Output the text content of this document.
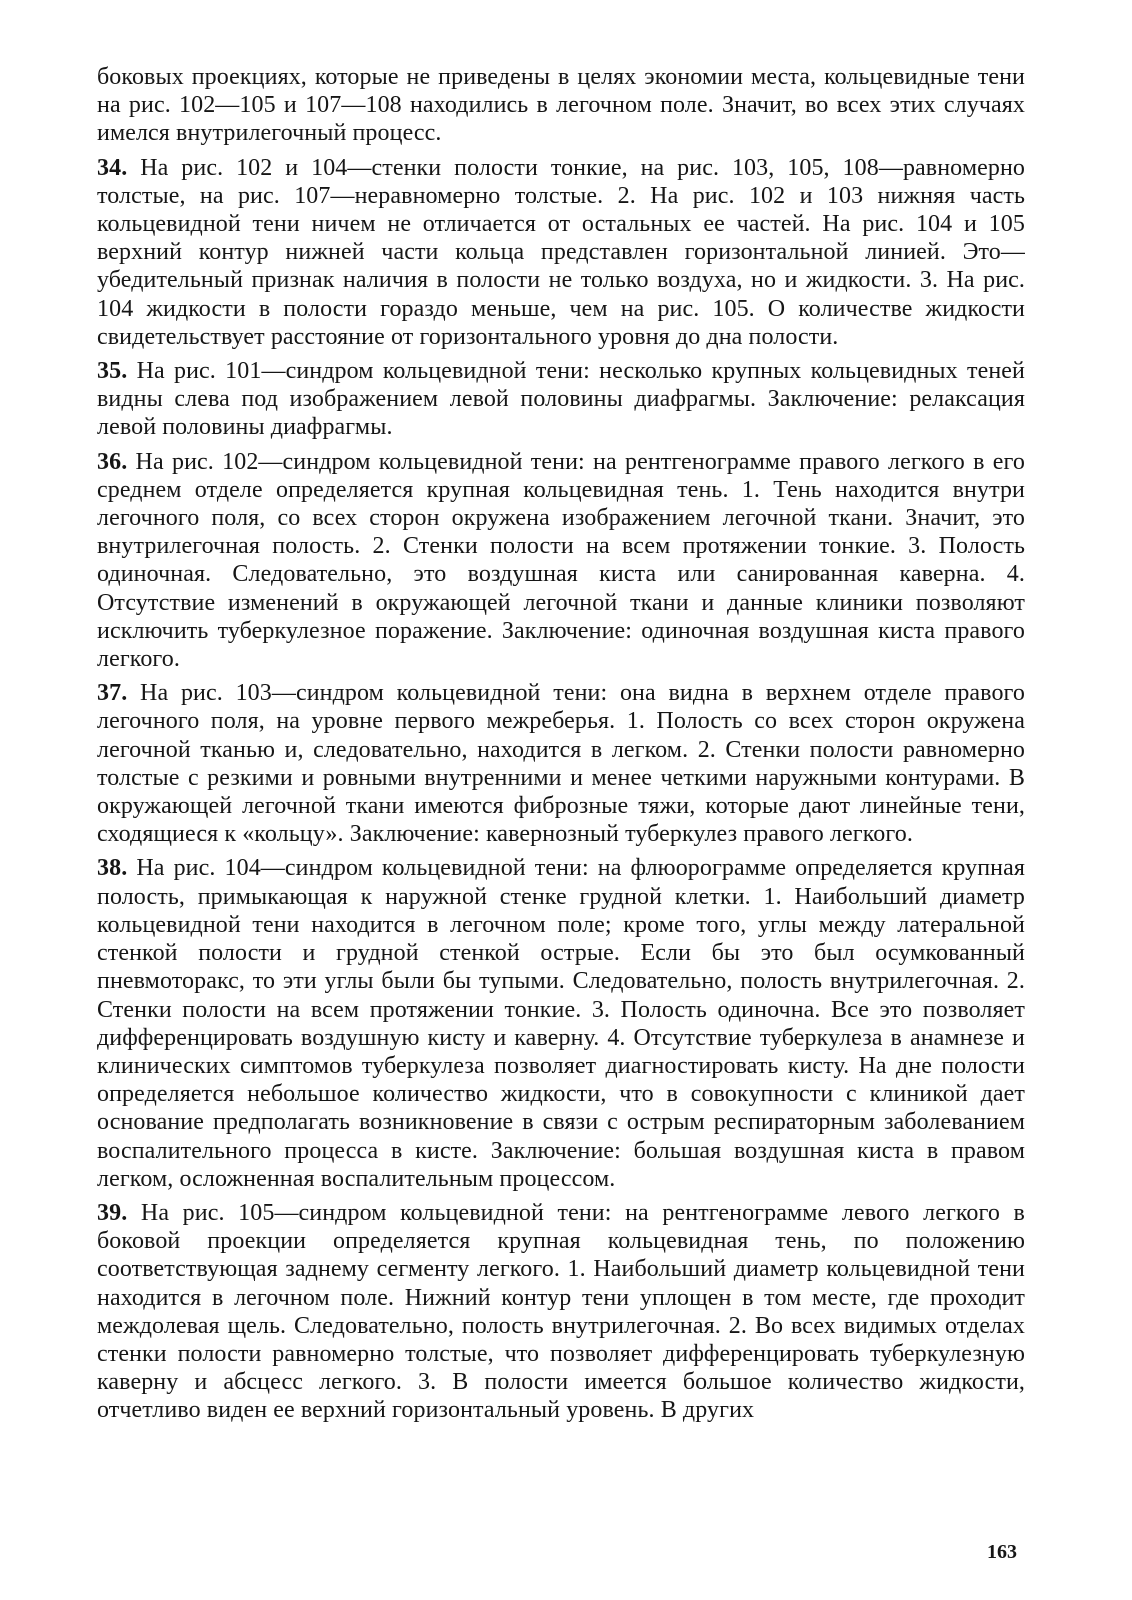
боковых проекциях, которые не приведены в целях экономии места, кольцевидные тени на рис. 102—105 и 107—108 находились в легочном поле. Значит, во всех этих случаях имелся внутрилегочный процесс.

34. На рис. 102 и 104—стенки полости тонкие, на рис. 103, 105, 108—равномерно толстые, на рис. 107—неравномерно толстые. 2. На рис. 102 и 103 нижняя часть кольцевидной тени ничем не отличается от остальных ее частей. На рис. 104 и 105 верхний контур нижней части кольца представлен горизонтальной линией. Это—убедительный признак наличия в полости не только воздуха, но и жидкости. 3. На рис. 104 жидкости в полости гораздо меньше, чем на рис. 105. О количестве жидкости свидетельствует расстояние от горизонтального уровня до дна полости.

35. На рис. 101—синдром кольцевидной тени: несколько крупных кольцевидных теней видны слева под изображением левой половины диафрагмы. Заключение: релаксация левой половины диафрагмы.

36. На рис. 102—синдром кольцевидной тени: на рентгенограмме правого легкого в его среднем отделе определяется крупная кольцевидная тень. 1. Тень находится внутри легочного поля, со всех сторон окружена изображением легочной ткани. Значит, это внутрилегочная полость. 2. Стенки полости на всем протяжении тонкие. 3. Полость одиночная. Следовательно, это воздушная киста или санированная каверна. 4. Отсутствие изменений в окружающей легочной ткани и данные клиники позволяют исключить туберкулезное поражение. Заключение: одиночная воздушная киста правого легкого.

37. На рис. 103—синдром кольцевидной тени: она видна в верхнем отделе правого легочного поля, на уровне первого межреберья. 1. Полость со всех сторон окружена легочной тканью и, следовательно, находится в легком. 2. Стенки полости равномерно толстые с резкими и ровными внутренними и менее четкими наружными контурами. В окружающей легочной ткани имеются фиброзные тяжи, которые дают линейные тени, сходящиеся к «кольцу». Заключение: кавернозный туберкулез правого легкого.

38. На рис. 104—синдром кольцевидной тени: на флюорограмме определяется крупная полость, примыкающая к наружной стенке грудной клетки. 1. Наибольший диаметр кольцевидной тени находится в легочном поле; кроме того, углы между латеральной стенкой полости и грудной стенкой острые. Если бы это был осумкованный пневмоторакс, то эти углы были бы тупыми. Следовательно, полость внутрилегочная. 2. Стенки полости на всем протяжении тонкие. 3. Полость одиночна. Все это позволяет дифференцировать воздушную кисту и каверну. 4. Отсутствие туберкулеза в анамнезе и клинических симптомов туберкулеза позволяет диагностировать кисту. На дне полости определяется небольшое количество жидкости, что в совокупности с клиникой дает основание предполагать возникновение в связи с острым респираторным заболеванием воспалительного процесса в кисте. Заключение: большая воздушная киста в правом легком, осложненная воспалительным процессом.

39. На рис. 105—синдром кольцевидной тени: на рентгенограмме левого легкого в боковой проекции определяется крупная кольцевидная тень, по положению соответствующая заднему сегменту легкого. 1. Наибольший диаметр кольцевидной тени находится в легочном поле. Нижний контур тени уплощен в том месте, где проходит междолевая щель. Следовательно, полость внутрилегочная. 2. Во всех видимых отделах стенки полости равномерно толстые, что позволяет дифференцировать туберкулезную каверну и абсцесс легкого. 3. В полости имеется большое количество жидкости, отчетливо виден ее верхний горизонтальный уровень. В других

163
